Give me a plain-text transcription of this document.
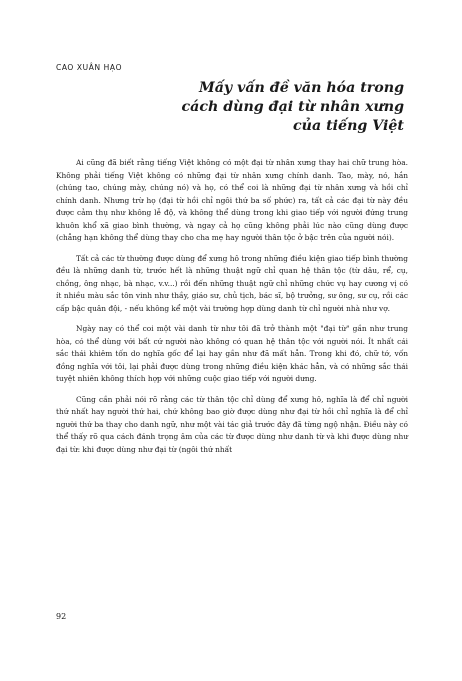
CAO XUÂN HẠO
Mấy vấn đề văn hóa trong
cách dùng đại từ nhân xưng
của tiếng Việt

Ai cũng đã biết rằng tiếng Việt không có một đại từ nhân xưng thay hai chữ trung hòa. Không phải tiếng Việt không có những đại từ nhân xưng chính danh. Tao, mày, nó, hắn (chúng tao, chúng mày, chúng nó) và họ, có thể coi là những đại từ nhân xưng và hồi chỉ chính danh. Nhưng trừ họ (đại từ hồi chỉ ngôi thứ ba số phức) ra, tất cả các đại từ này đều được cảm thụ như không lễ độ, và không thể dùng trong khi giao tiếp với người đứng trung khuôn khổ xã giao bình thường, và ngay cả họ cũng không phải lúc nào cũng dùng được (chẳng hạn không thể dùng thay cho cha mẹ hay người thân tộc ở bậc trên của người nói).

Tất cả các từ thường được dùng để xưng hô trong những điều kiện giao tiếp bình thường đều là những danh từ, trước hết là những thuật ngữ chỉ quan hệ thân tộc (từ dâu, rể, cụ, chồng, ông nhạc, bà nhạc, v.v...) rồi đến những thuật ngữ chỉ những chức vụ hay cương vị có ít nhiều màu sắc tôn vinh như thầy, giáo sư, chủ tịch, bác sĩ, bộ trưởng, sư ông, sư cụ, rồi các cấp bậc quân đội, - nếu không kể một vài trường hợp dùng danh từ chỉ người nhà như vợ.

Ngày nay có thể coi một vài danh từ như tôi đã trở thành một "đại từ" gần như trung hòa, có thể dùng với bất cứ người nào không có quan hệ thân tộc với người nói. Ít nhất cái sắc thái khiêm tốn do nghĩa gốc để lại hay gần như đã mất hẳn. Trong khi đó, chữ tớ, vốn đồng nghĩa với tôi, lại phải được dùng trong những điều kiện khác hẳn, và có những sắc thái tuyệt nhiên không thích hợp với những cuộc giao tiếp với người dưng.

Cũng cần phải nói rõ rằng các từ thân tộc chỉ dùng để xưng hô, nghĩa là để chỉ người thứ nhất hay người thứ hai, chứ không bao giờ được dùng như đại từ hồi chỉ nghĩa là để chỉ người thứ ba thay cho danh ngữ, như một vài tác giả trước đây đã từng ngộ nhận. Điều này có thể thấy rõ qua cách đánh trọng âm của các từ được dùng như danh từ và khi được dùng như đại từ: khi được dùng như đại từ (ngôi thứ nhất

92
